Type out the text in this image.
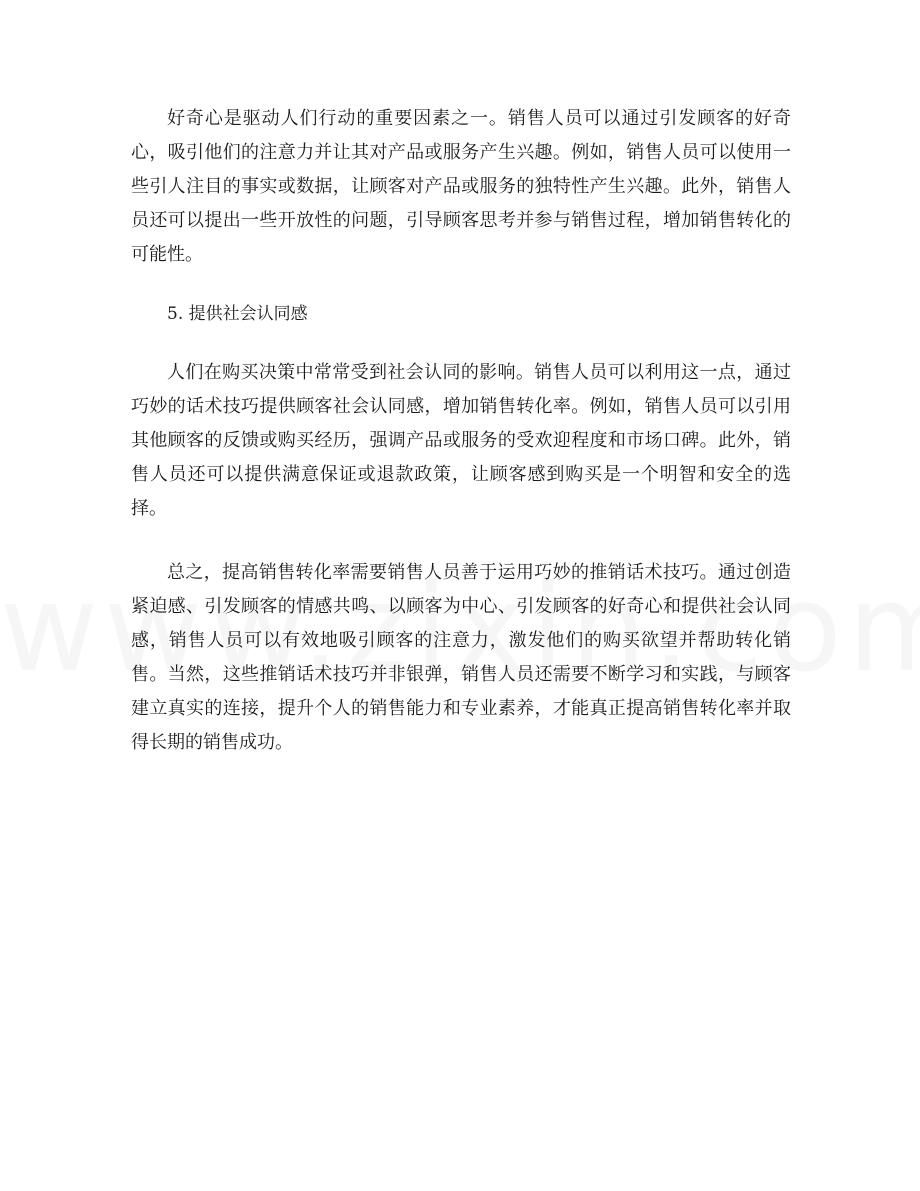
好奇心是驱动人们行动的重要因素之一。销售人员可以通过引发顾客的好奇心，吸引他们的注意力并让其对产品或服务产生兴趣。例如，销售人员可以使用一些引人注目的事实或数据，让顾客对产品或服务的独特性产生兴趣。此外，销售人员还可以提出一些开放性的问题，引导顾客思考并参与销售过程，增加销售转化的可能性。

5. 提供社会认同感

人们在购买决策中常常受到社会认同的影响。销售人员可以利用这一点，通过巧妙的话术技巧提供顾客社会认同感，增加销售转化率。例如，销售人员可以引用其他顾客的反馈或购买经历，强调产品或服务的受欢迎程度和市场口碑。此外，销售人员还可以提供满意保证或退款政策，让顾客感到购买是一个明智和安全的选择。

总之，提高销售转化率需要销售人员善于运用巧妙的推销话术技巧。通过创造紧迫感、引发顾客的情感共鸣、以顾客为中心、引发顾客的好奇心和提供社会认同感，销售人员可以有效地吸引顾客的注意力，激发他们的购买欲望并帮助转化销售。当然，这些推销话术技巧并非银弹，销售人员还需要不断学习和实践，与顾客建立真实的连接，提升个人的销售能力和专业素养，才能真正提高销售转化率并取得长期的销售成功。
